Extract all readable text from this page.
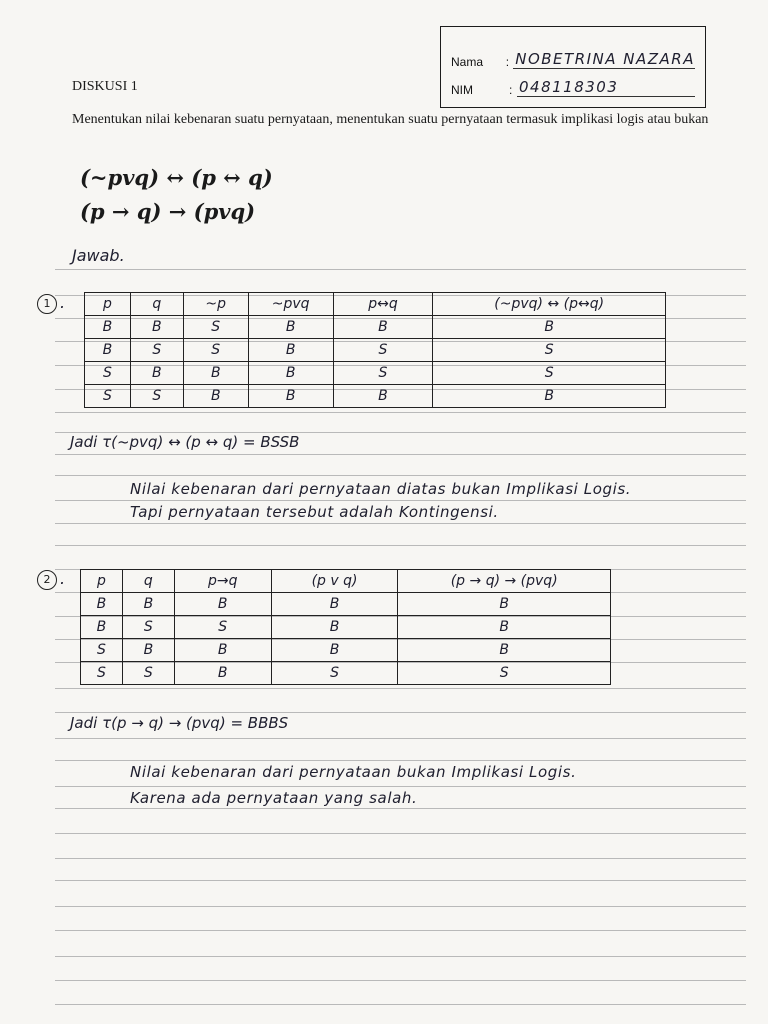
Nama	: NOBETRINA NAZARA
NIM	: 048118303
DISKUSI 1
Menentukan nilai kebenaran suatu pernyataan, menentukan suatu pernyataan termasuk implikasi logis atau bukan
(~pvq) ↔ (p ↔ q)
(p → q) → (pvq)
Jawab.
1 .	p	q	~p	~pvq	p↔q	(~pvq) ↔ (p↔q)
B	B	S	B	B	B
B	S	S	B	S	S
S	B	B	B	S	S
S	S	B	B	B	B
Jadi τ(~pvq) ↔ (p ↔ q) = BSSB
Nilai kebenaran dari pernyataan diatas bukan Implikasi Logis.
Tapi pernyataan tersebut adalah Kontingensi.
2 . p	q	p→q	(p v q)	(p → q) → (pvq)
B	B	B	B	B
B	S	S	B	B
S	B	B	B	B
S	S	B	S	S
Jadi τ(p → q) → (pvq) = BBBS
Nilai kebenaran dari pernyataan bukan Implikasi Logis.
Karena ada pernyataan yang salah.
